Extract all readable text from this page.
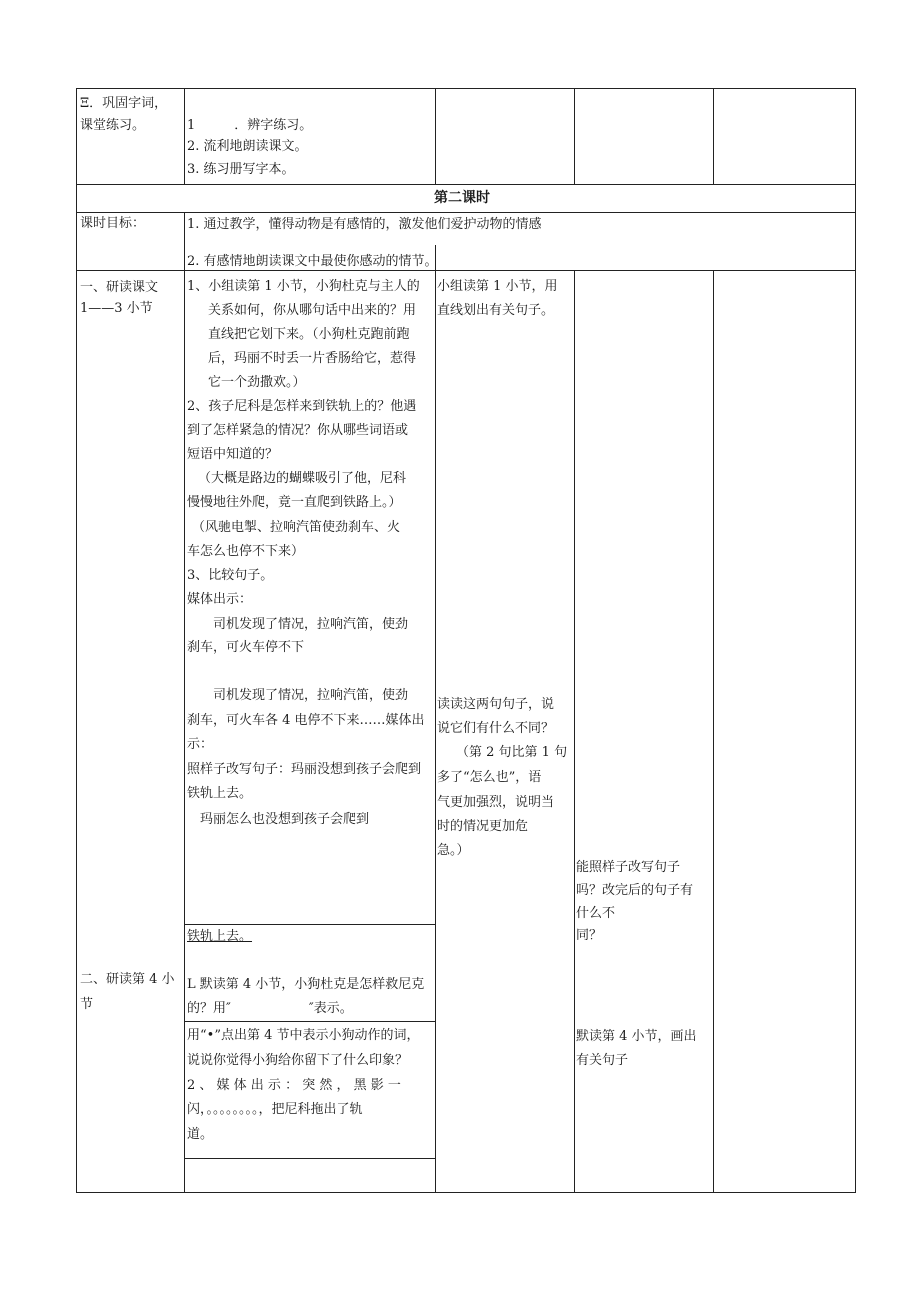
Ξ．巩固字词，
课堂练习。	1　　　．辨字练习。
2. 流利地朗读课文。
3. 练习册写字本。
第二课时
课时目标：	1. 通过教学，懂得动物是有感情的，激发他们爱护动物的情感
2. 有感情地朗读课文中最使你感动的情节。
一、研读课文
1——3 小节
1、小组读第 1 小节，小狗杜克与主人的
关系如何，你从哪句话中出来的？用
直线把它划下来。（小狗杜克跑前跑
后，玛丽不时丢一片香肠给它，惹得
它一个劲撒欢。）
2、孩子尼科是怎样来到铁轨上的？他遇
到了怎样紧急的情况？你从哪些词语或
短语中知道的？
（大概是路边的蝴蝶吸引了他，尼科
慢慢地往外爬，竟一直爬到铁路上。）
（风驰电掣、拉响汽笛使劲刹车、火
车怎么也停不下来）
3、比较句子。
媒体出示：
司机发现了情况，拉响汽笛，使劲
刹车，可火车停不下
司机发现了情况，拉响汽笛，使劲
刹车，可火车各 4 电停不下来……媒体出
示：
照样子改写句子：玛丽没想到孩子会爬到
铁轨上去。
玛丽怎么也没想到孩子会爬到
小组读第 1 小节，用
直线划出有关句子。
读读这两句句子，说
说它们有什么不同？
（第 2 句比第 1 句
多了“怎么也”，语
气更加强烈，说明当
时的情况更加危
急。）
能照样子改写句子
吗？改完后的句子有
什么不
同？
铁轨上去。
二、研读第 4 小
节
L 默读第 4 小节，小狗杜克是怎样救尼克
的？用″　　　　　　″表示。
用“•”点出第 4 节中表示小狗动作的词，
说说你觉得小狗给你留下了什么印象？
2 、 媒 体 出 示 ： 突 然 ， 黑 影 一
闪，。。。。。。。。，把尼科拖出了轨
道。
默读第 4 小节，画出
有关句子
